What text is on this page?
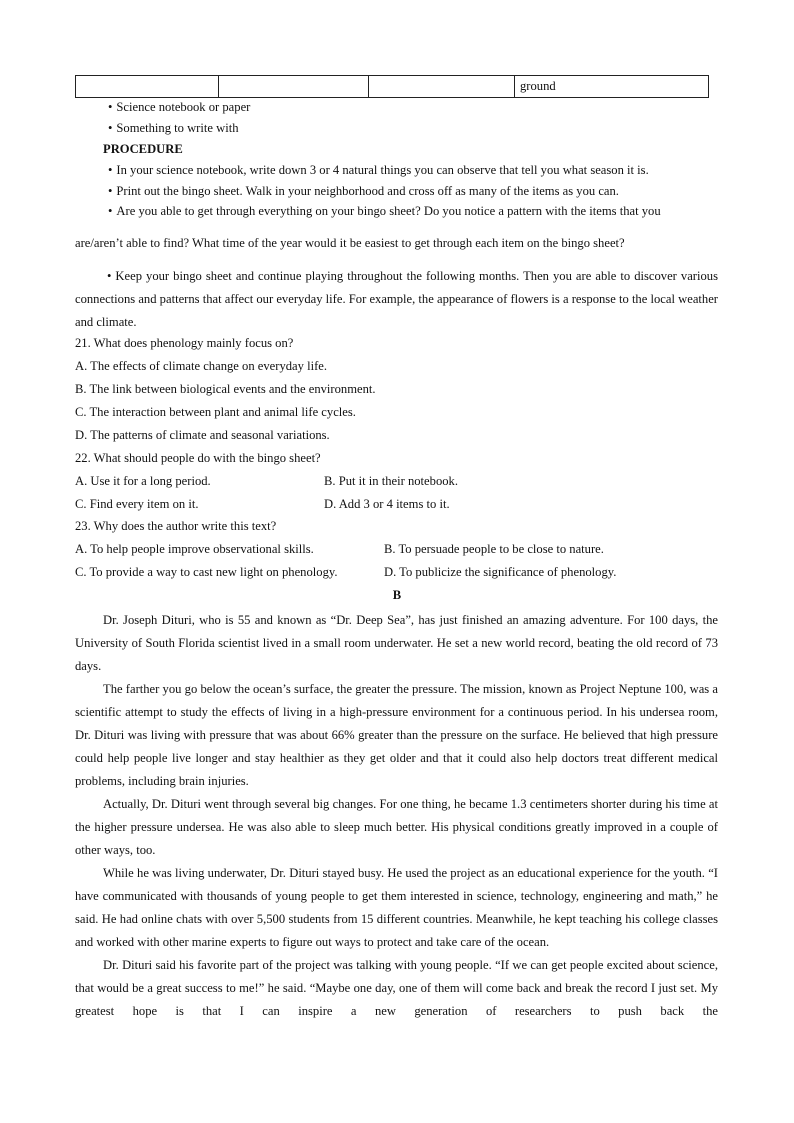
			ground
• Science notebook or paper
• Something to write with
PROCEDURE
• In your science notebook, write down 3 or 4 natural things you can observe that tell you what season it is.
• Print out the bingo sheet. Walk in your neighborhood and cross off as many of the items as you can.
• Are you able to get through everything on your bingo sheet? Do you notice a pattern with the items that you
are/aren’t able to find? What time of the year would it be easiest to get through each item on the bingo sheet?

• Keep your bingo sheet and continue playing throughout the following months. Then you are able to discover various connections and patterns that affect our everyday life. For example, the appearance of flowers is a response to the local weather and climate.

21. What does phenology mainly focus on?
A. The effects of climate change on everyday life.
B. The link between biological events and the environment.
C. The interaction between plant and animal life cycles.
D. The patterns of climate and seasonal variations.
22. What should people do with the bingo sheet?
A. Use it for a long period.	B. Put it in their notebook.
C. Find every item on it.	D. Add 3 or 4 items to it.
23. Why does the author write this text?
A. To help people improve observational skills.	B. To persuade people to be close to nature.
C. To provide a way to cast new light on phenology.	D. To publicize the significance of phenology.
B

Dr. Joseph Dituri, who is 55 and known as “Dr. Deep Sea”, has just finished an amazing adventure. For 100 days, the University of South Florida scientist lived in a small room underwater. He set a new world record, beating the old record of 73 days.

The farther you go below the ocean’s surface, the greater the pressure. The mission, known as Project Neptune 100, was a scientific attempt to study the effects of living in a high-pressure environment for a continuous period. In his undersea room, Dr. Dituri was living with pressure that was about 66% greater than the pressure on the surface. He believed that high pressure could help people live longer and stay healthier as they get older and that it could also help doctors treat different medical problems, including brain injuries.

Actually, Dr. Dituri went through several big changes. For one thing, he became 1.3 centimeters shorter during his time at the higher pressure undersea. He was also able to sleep much better. His physical conditions greatly improved in a couple of other ways, too.

While he was living underwater, Dr. Dituri stayed busy. He used the project as an educational experience for the youth. “I have communicated with thousands of young people to get them interested in science, technology, engineering and math,” he said. He had online chats with over 5,500 students from 15 different countries. Meanwhile, he kept teaching his college classes and worked with other marine experts to figure out ways to protect and take care of the ocean.

Dr. Dituri said his favorite part of the project was talking with young people. “If we can get people excited about science, that would be a great success to me!” he said. “Maybe one day, one of them will come back and break the record I just set. My greatest hope is that I can inspire a new generation of researchers to push back the
